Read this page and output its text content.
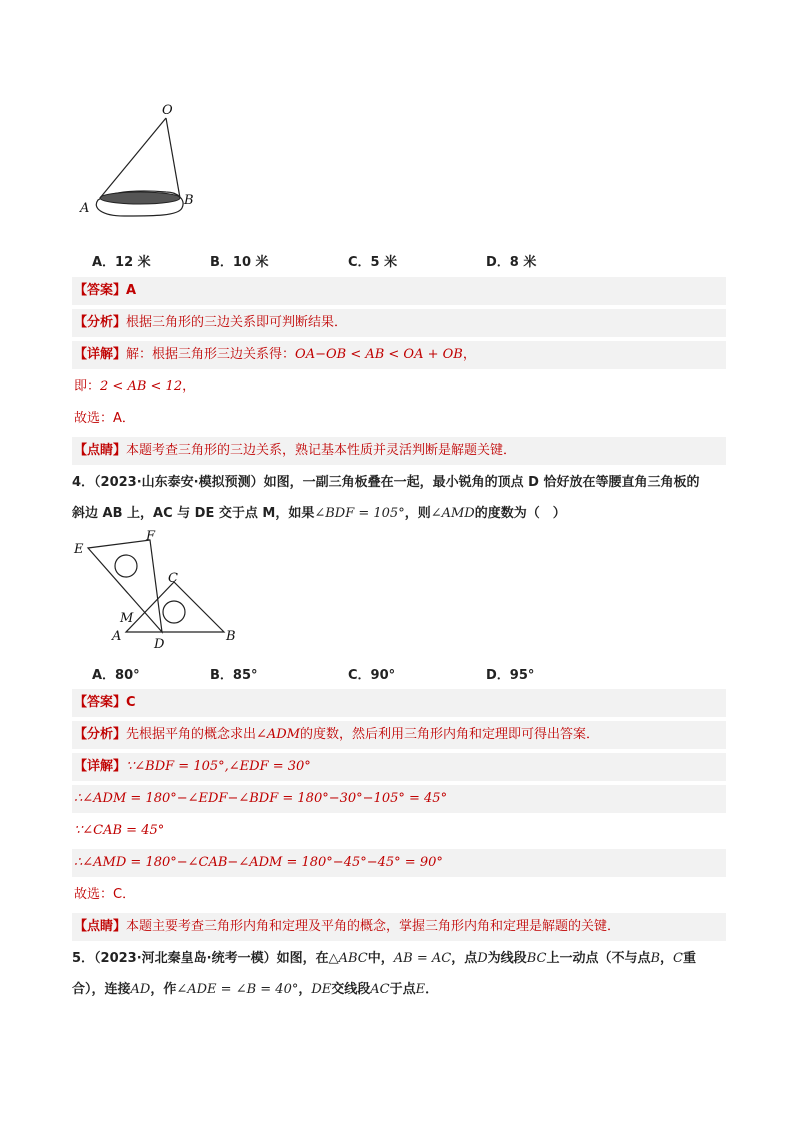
O
A
B
A．12 米	B．10 米	C．5 米	D．8 米
【答案】A
【分析】根据三角形的三边关系即可判断结果．
【详解】解：根据三角形三边关系得：OA−OB < AB < OA + OB，
即：2 < AB < 12，
故选：A．
【点睛】本题考查三角形的三边关系，熟记基本性质并灵活判断是解题关键．
4．（2023·山东泰安·模拟预测）如图，一副三角板叠在一起，最小锐角的顶点 D 恰好放在等腰直角三角板的
斜边 AB 上，AC 与 DE 交于点 M，如果∠BDF = 105°，则∠AMD的度数为（　）
E
F
C
M
A
D
B
A．80°	B．85°	C．90°	D．95°
【答案】C
【分析】先根据平角的概念求出∠ADM的度数，然后利用三角形内角和定理即可得出答案．
【详解】∵∠BDF = 105°,∠EDF = 30°
∴∠ADM = 180°−∠EDF−∠BDF = 180°−30°−105° = 45°
∵∠CAB = 45°
∴∠AMD = 180°−∠CAB−∠ADM = 180°−45°−45° = 90°
故选：C．
【点睛】本题主要考查三角形内角和定理及平角的概念，掌握三角形内角和定理是解题的关键．
5．（2023·河北秦皇岛·统考一模）如图，在△ABC中，AB = AC，点D为线段BC上一动点（不与点B，C重
合），连接AD，作∠ADE = ∠B = 40°，DE交线段AC于点E．
